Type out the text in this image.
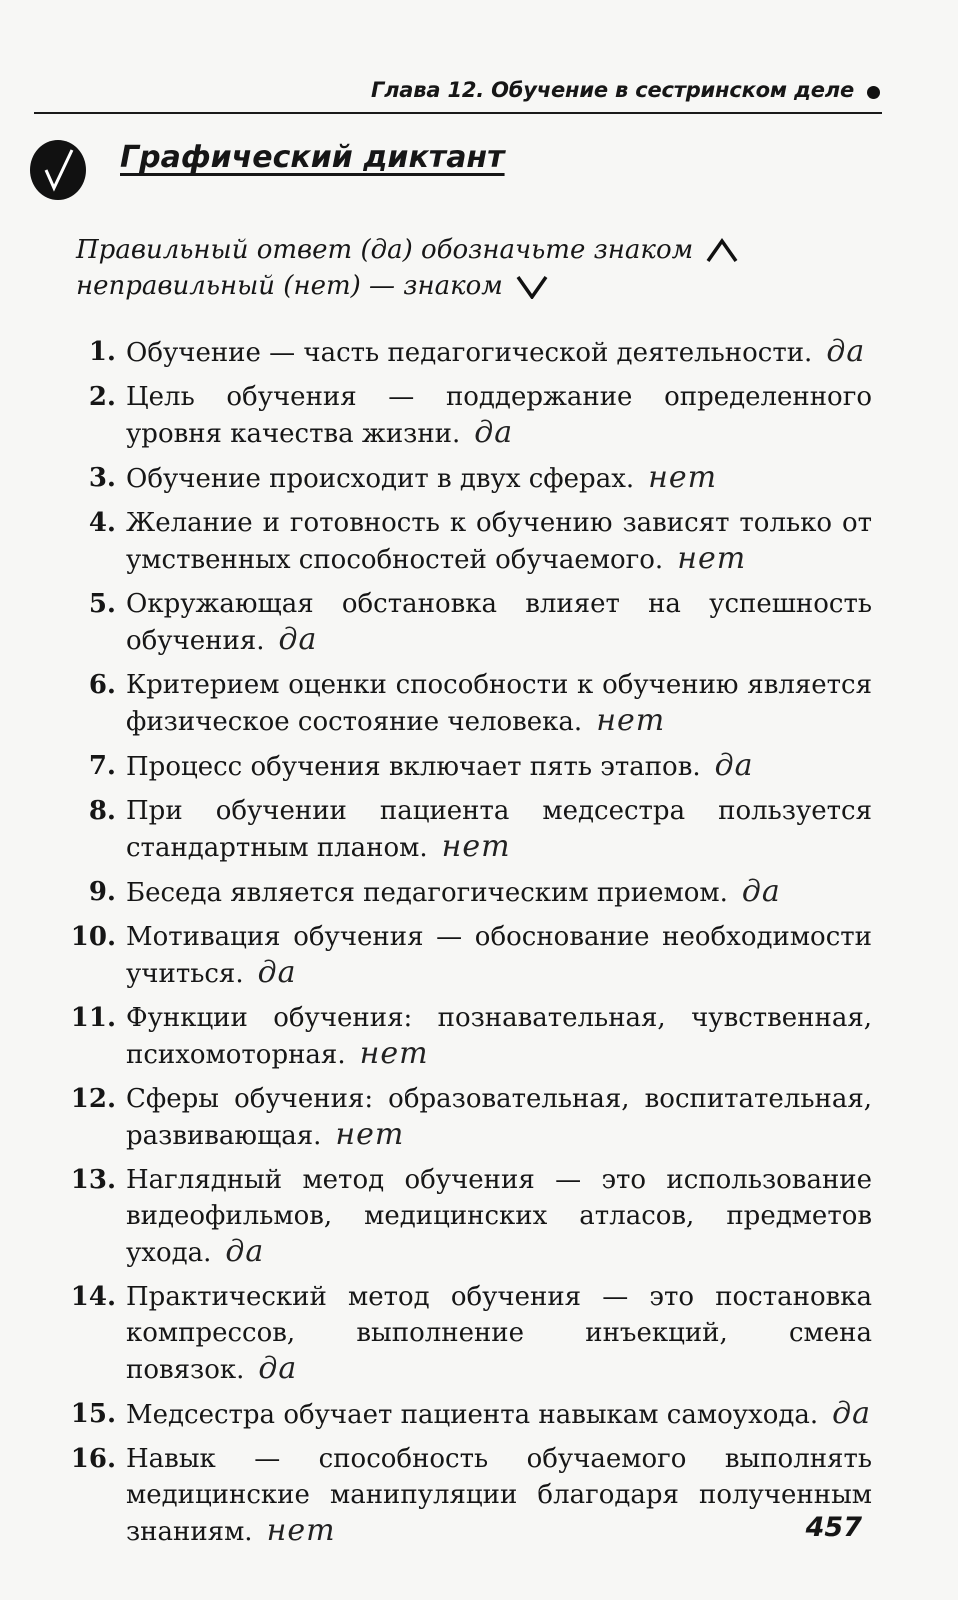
Глава 12. Обучение в сестринском деле
Графический диктант
Правильный ответ (да) обозначьте знаком
неправильный (нет) — знаком
1. Обучение — часть педагогической деятельности. да
2. Цель обучения — поддержание определенного уровня качества жизни. да
3. Обучение происходит в двух сферах. нет
4. Желание и готовность к обучению зависят только от умственных способностей обучаемого. нет
5. Окружающая обстановка влияет на успешность обучения. да
6. Критерием оценки способности к обучению является физическое состояние человека. нет
7. Процесс обучения включает пять этапов. да
8. При обучении пациента медсестра пользуется стандартным планом. нет
9. Беседа является педагогическим приемом. да
10. Мотивация обучения — обоснование необходимости учиться. да
11. Функции обучения: познавательная, чувственная, психомоторная. нет
12. Сферы обучения: образовательная, воспитательная, развивающая. нет
13. Наглядный метод обучения — это использование видеофильмов, медицинских атласов, предметов ухода. да
14. Практический метод обучения — это постановка компрессов, выполнение инъекций, смена повязок. да
15. Медсестра обучает пациента навыкам самоухода. да
16. Навык — способность обучаемого выполнять медицинские манипуляции благодаря полученным знаниям. нет	457
